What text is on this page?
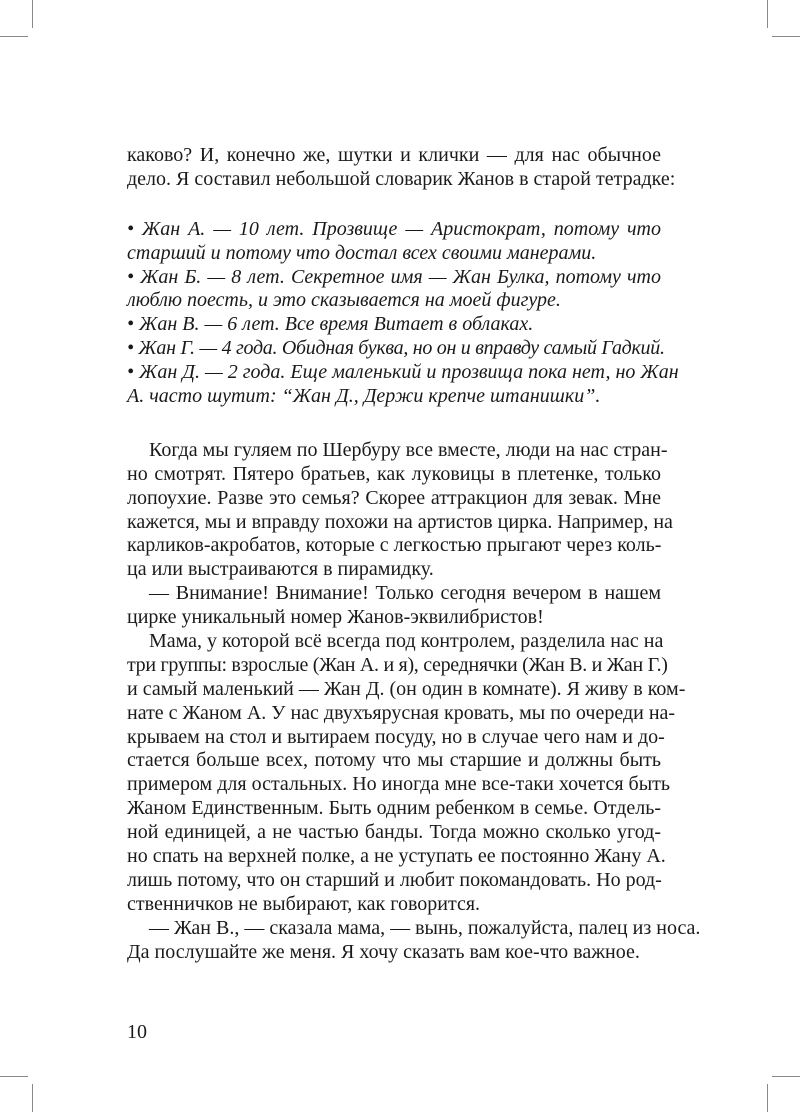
каково? И, конечно же, шутки и клички — для нас обычное
дело. Я составил небольшой словарик Жанов в старой тетрадке:
• Жан А. — 10 лет. Прозвище — Аристократ, потому что
старший и потому что достал всех своими манерами.
• Жан Б. — 8 лет. Секретное имя — Жан Булка, потому что
люблю поесть, и это сказывается на моей фигуре.
• Жан В. — 6 лет. Все время Витает в облаках.
• Жан Г. — 4 года. Обидная буква, но он и вправду самый Гадкий.
• Жан Д. — 2 года. Еще маленький и прозвища пока нет, но Жан
А. часто шутит: “Жан Д., Держи крепче штанишки”.
Когда мы гуляем по Шербуру все вместе, люди на нас стран-
но смотрят. Пятеро братьев, как луковицы в плетенке, только
лопоухие. Разве это семья? Скорее аттракцион для зевак. Мне
кажется, мы и вправду похожи на артистов цирка. Например, на
карликов-акробатов, которые с легкостью прыгают через коль-
ца или выстраиваются в пирамидку.
— Внимание! Внимание! Только сегодня вечером в нашем
цирке уникальный номер Жанов-эквилибристов!
Мама, у которой всё всегда под контролем, разделила нас на
три группы: взрослые (Жан А. и я), середнячки (Жан В. и Жан Г.)
и самый маленький — Жан Д. (он один в комнате). Я живу в ком-
нате с Жаном А. У нас двухъярусная кровать, мы по очереди на-
крываем на стол и вытираем посуду, но в случае чего нам и до-
стается больше всех, потому что мы старшие и должны быть
примером для остальных. Но иногда мне все-таки хочется быть
Жаном Единственным. Быть одним ребенком в семье. Отдель-
ной единицей, а не частью банды. Тогда можно сколько угод-
но спать на верхней полке, а не уступать ее постоянно Жану А.
лишь потому, что он старший и любит покомандовать. Но род-
ственничков не выбирают, как говорится.
— Жан В., — сказала мама, — вынь, пожалуйста, палец из носа.
Да послушайте же меня. Я хочу сказать вам кое-что важное.
10
